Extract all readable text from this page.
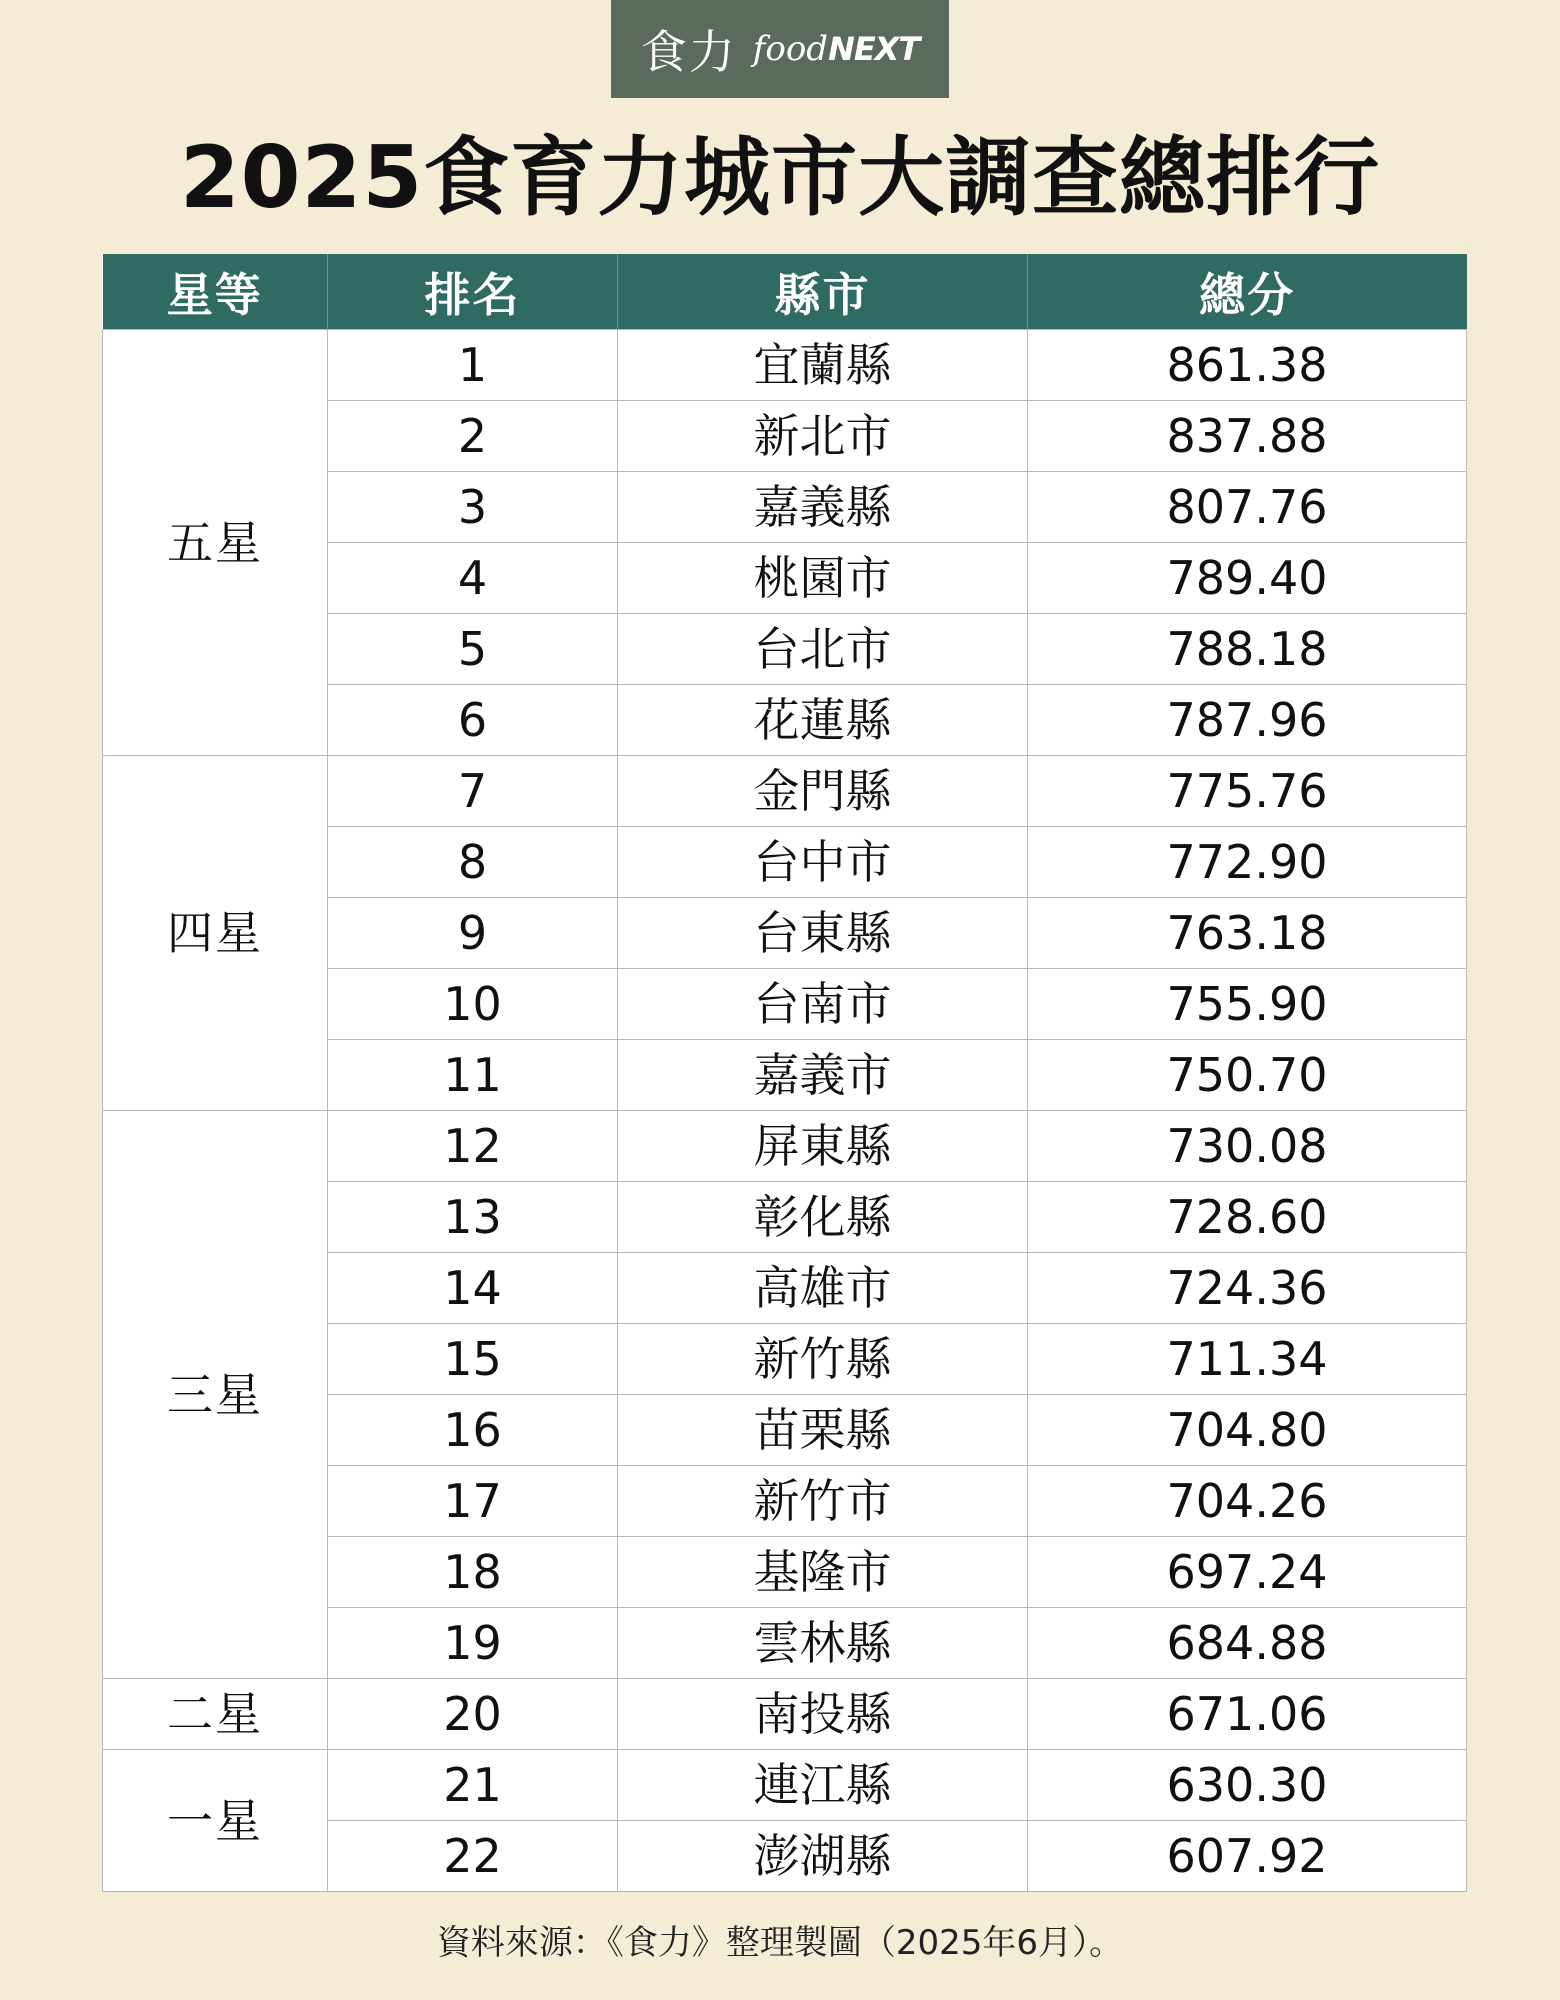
食力 food NEXT
2025食育力城市大調查總排行
星等	排名	縣市	總分
五星	1	宜蘭縣	861.38
	2	新北市	837.88
	3	嘉義縣	807.76
	4	桃園市	789.40
	5	台北市	788.18
	6	花蓮縣	787.96
四星	7	金門縣	775.76
	8	台中市	772.90
	9	台東縣	763.18
	10	台南市	755.90
	11	嘉義市	750.70
三星	12	屏東縣	730.08
	13	彰化縣	728.60
	14	高雄市	724.36
	15	新竹縣	711.34
	16	苗栗縣	704.80
	17	新竹市	704.26
	18	基隆市	697.24
	19	雲林縣	684.88
二星	20	南投縣	671.06
一星	21	連江縣	630.30
	22	澎湖縣	607.92
資料來源：《食力》整理製圖（2025年6月）。
